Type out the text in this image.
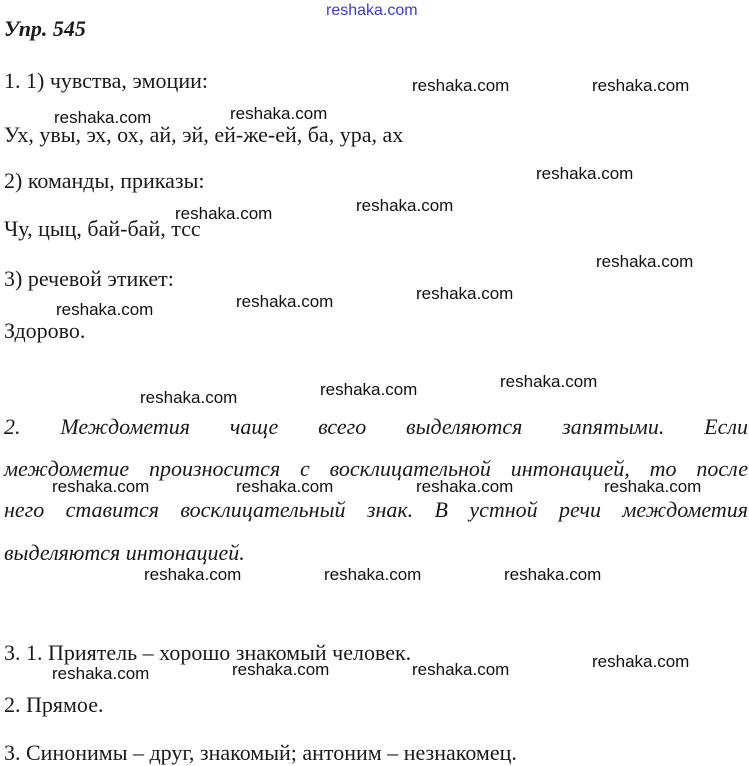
reshaka.com
Упр. 545
1. 1) чувства, эмоции:
Ух, увы, эх, ох, ай, эй, ей-же-ей, ба, ура, ах
2) команды, приказы:
Чу, цыц, бай-бай, тсс
3) речевой этикет:
Здорово.
2. Междометия чаще всего выделяются запятыми. Если
междометие произносится с восклицательной интонацией, то после
него ставится восклицательный знак. В устной речи междометия
выделяются интонацией.
3. 1. Приятель – хорошо знакомый человек.
2. Прямое.
3. Синонимы – друг, знакомый; антоним – незнакомец.
reshaka.com	reshaka.com
reshaka.com	reshaka.com
reshaka.com
reshaka.com	reshaka.com
reshaka.com
reshaka.com
reshaka.com
reshaka.com
reshaka.com
reshaka.com
reshaka.com
reshaka.com	reshaka.com	reshaka.com	reshaka.com
reshaka.com	reshaka.com	reshaka.com
reshaka.com
reshaka.com
reshaka.com
reshaka.com
